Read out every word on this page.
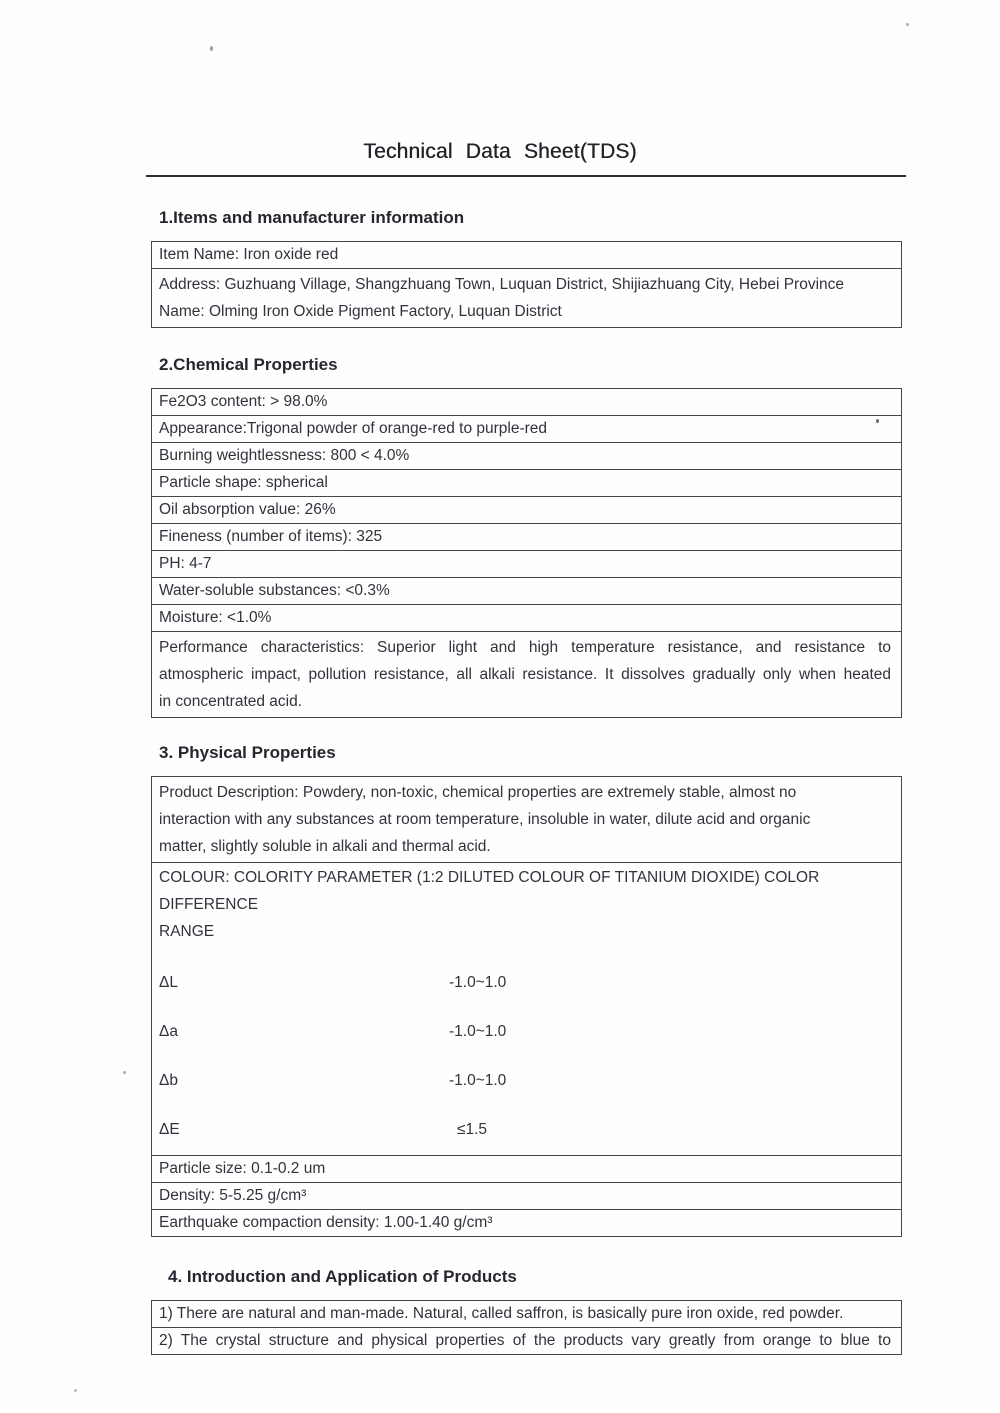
Technical Data Sheet(TDS)
1.Items and manufacturer information
Item Name: Iron oxide red
Address: Guzhuang Village, Shangzhuang Town, Luquan District, Shijiazhuang City, Hebei Province
Name: Olming Iron Oxide Pigment Factory, Luquan District
2.Chemical Properties
Fe2O3 content: > 98.0%
Appearance:Trigonal powder of orange-red to purple-red
Burning weightlessness: 800 < 4.0%
Particle shape: spherical
Oil absorption value: 26%
Fineness (number of items): 325
PH: 4-7
Water-soluble substances: <0.3%
Moisture: <1.0%
Performance characteristics: Superior light and high temperature resistance, and resistance to
atmospheric impact, pollution resistance, all alkali resistance. It dissolves gradually only when heated
in concentrated acid.
3. Physical Properties
Product Description: Powdery, non-toxic, chemical properties are extremely stable, almost no
interaction with any substances at room temperature, insoluble in water, dilute acid and organic
matter, slightly soluble in alkali and thermal acid.
COLOUR: COLORITY PARAMETER (1:2 DILUTED COLOUR OF TITANIUM DIOXIDE) COLOR DIFFERENCE
RANGE
ΔL	-1.0~1.0
Δa	-1.0~1.0
Δb	-1.0~1.0
ΔE	≤1.5
Particle size: 0.1-0.2 um
Density: 5-5.25 g/cm³
Earthquake compaction density: 1.00-1.40 g/cm³
4. Introduction and Application of Products
1) There are natural and man-made. Natural, called saffron, is basically pure iron oxide, red powder.
2) The crystal structure and physical properties of the products vary greatly from orange to blue to
